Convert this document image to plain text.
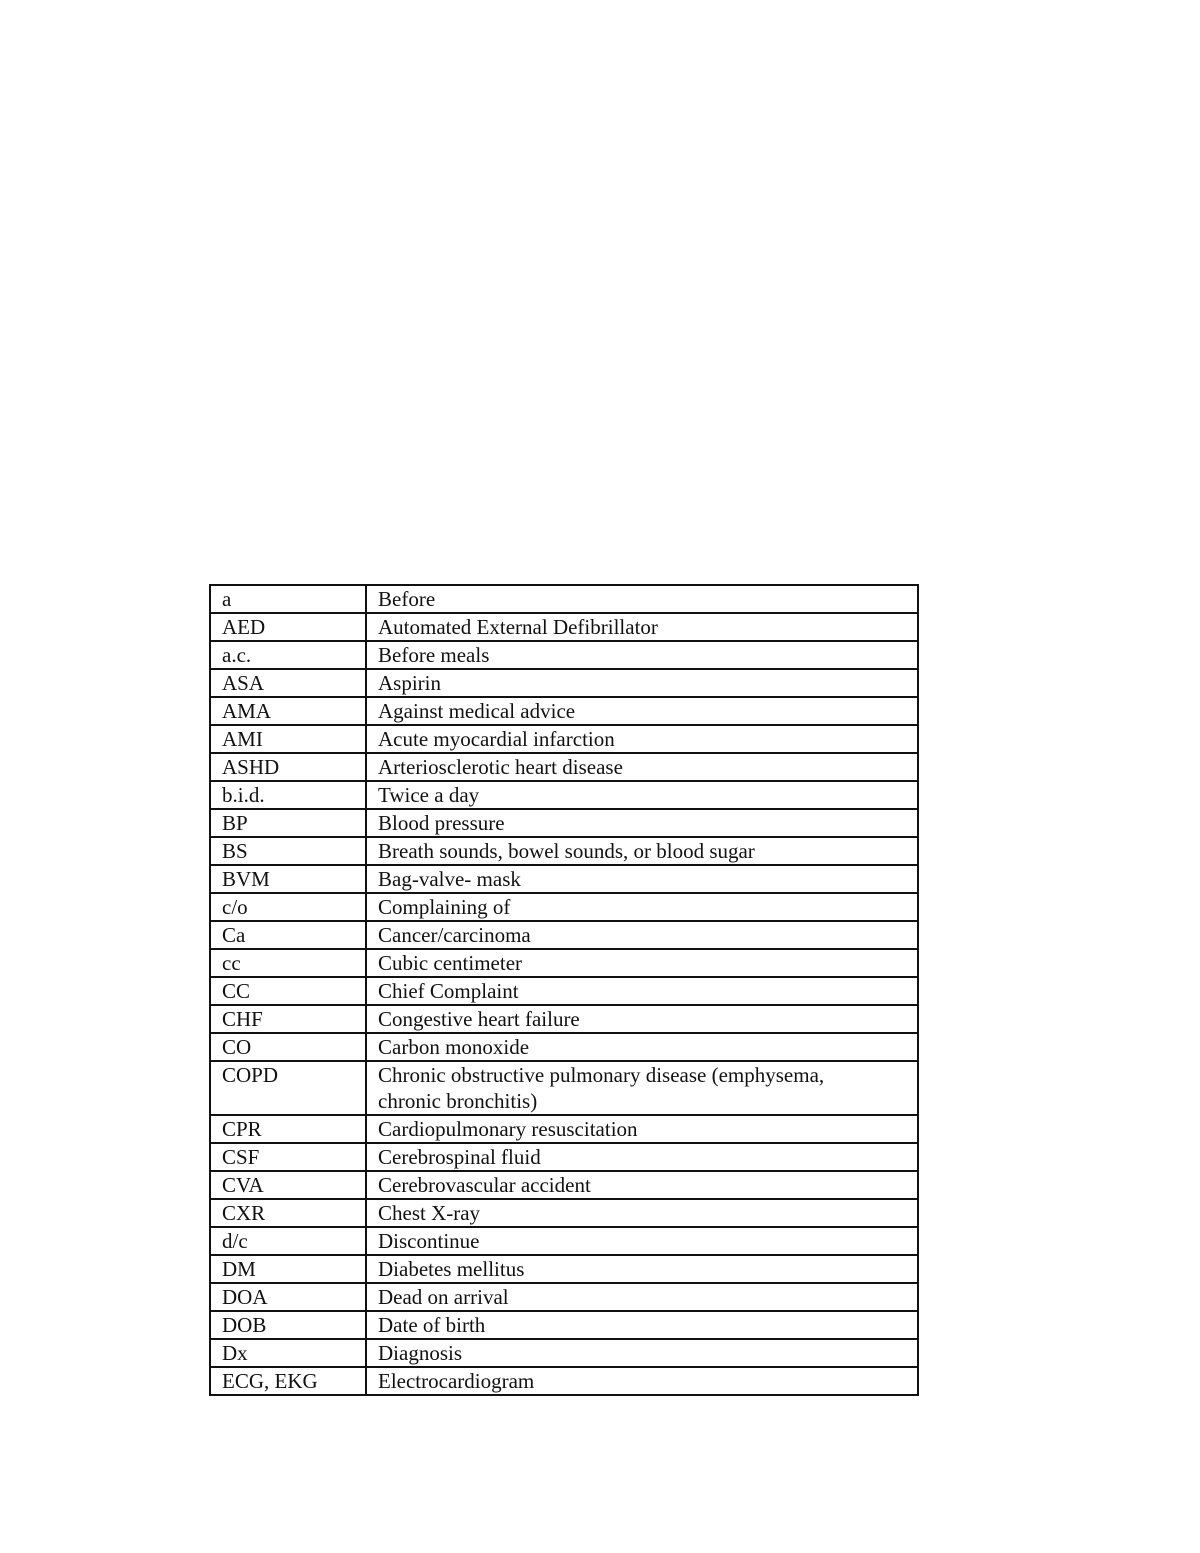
a	Before
AED	Automated External Defibrillator
a.c.	Before meals
ASA	Aspirin
AMA	Against medical advice
AMI	Acute myocardial infarction
ASHD	Arteriosclerotic heart disease
b.i.d.	Twice a day
BP	Blood pressure
BS	Breath sounds, bowel sounds, or blood sugar
BVM	Bag-valve- mask
c/o	Complaining of
Ca	Cancer/carcinoma
cc	Cubic centimeter
CC	Chief Complaint
CHF	Congestive heart failure
CO	Carbon monoxide
COPD	Chronic obstructive pulmonary disease (emphysema, chronic bronchitis)
CPR	Cardiopulmonary resuscitation
CSF	Cerebrospinal fluid
CVA	Cerebrovascular accident
CXR	Chest X-ray
d/c	Discontinue
DM	Diabetes mellitus
DOA	Dead on arrival
DOB	Date of birth
Dx	Diagnosis
ECG, EKG	Electrocardiogram
